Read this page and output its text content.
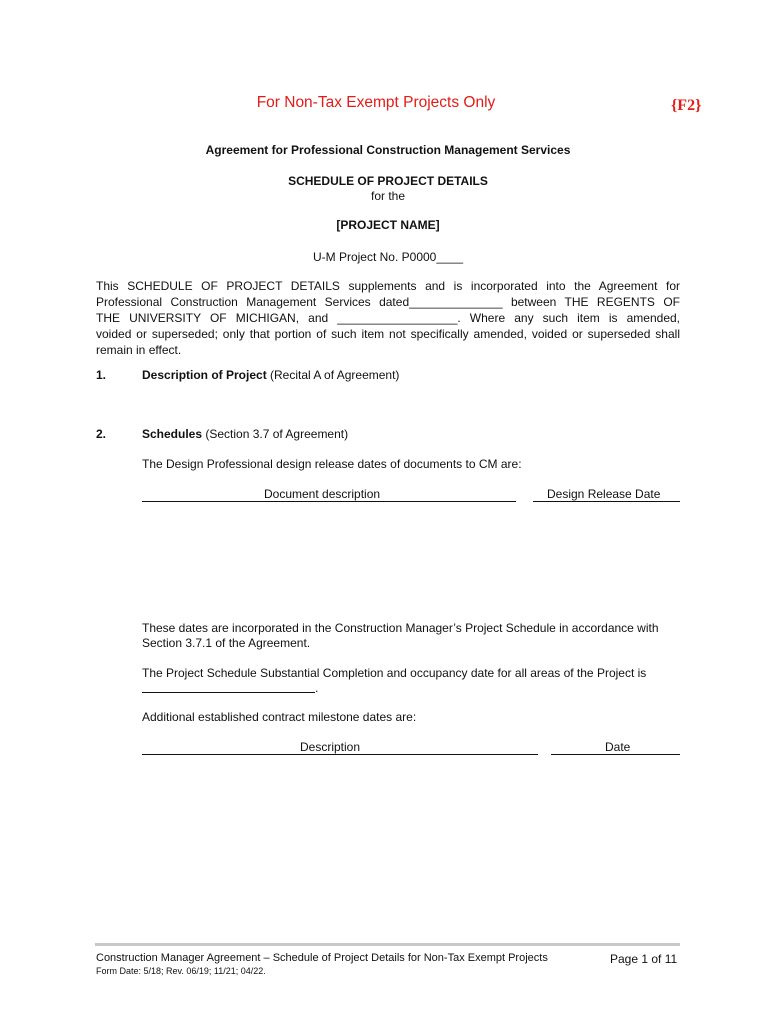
For Non-Tax Exempt Projects Only	{F2}
Agreement for Professional Construction Management Services
SCHEDULE OF PROJECT DETAILS
for the
[PROJECT NAME]
U-M Project No. P0000____
This SCHEDULE OF PROJECT DETAILS supplements and is incorporated into the Agreement for
Professional Construction Management Services dated______________ between THE REGENTS OF
THE UNIVERSITY OF MICHIGAN, and __________________. Where any such item is amended,
voided or superseded; only that portion of such item not specifically amended, voided or superseded shall
remain in effect.
1.	Description of Project (Recital A of Agreement)
2.	Schedules (Section 3.7 of Agreement)
The Design Professional design release dates of documents to CM are:
Document description	Design Release Date
These dates are incorporated in the Construction Manager’s Project Schedule in accordance with
Section 3.7.1 of the Agreement.
The Project Schedule Substantial Completion and occupancy date for all areas of the Project is
.
Additional established contract milestone dates are:
Description	Date
Construction Manager Agreement – Schedule of Project Details for Non-Tax Exempt Projects
Form Date: 5/18; Rev. 06/19; 11/21; 04/22.
Page 1 of 11
